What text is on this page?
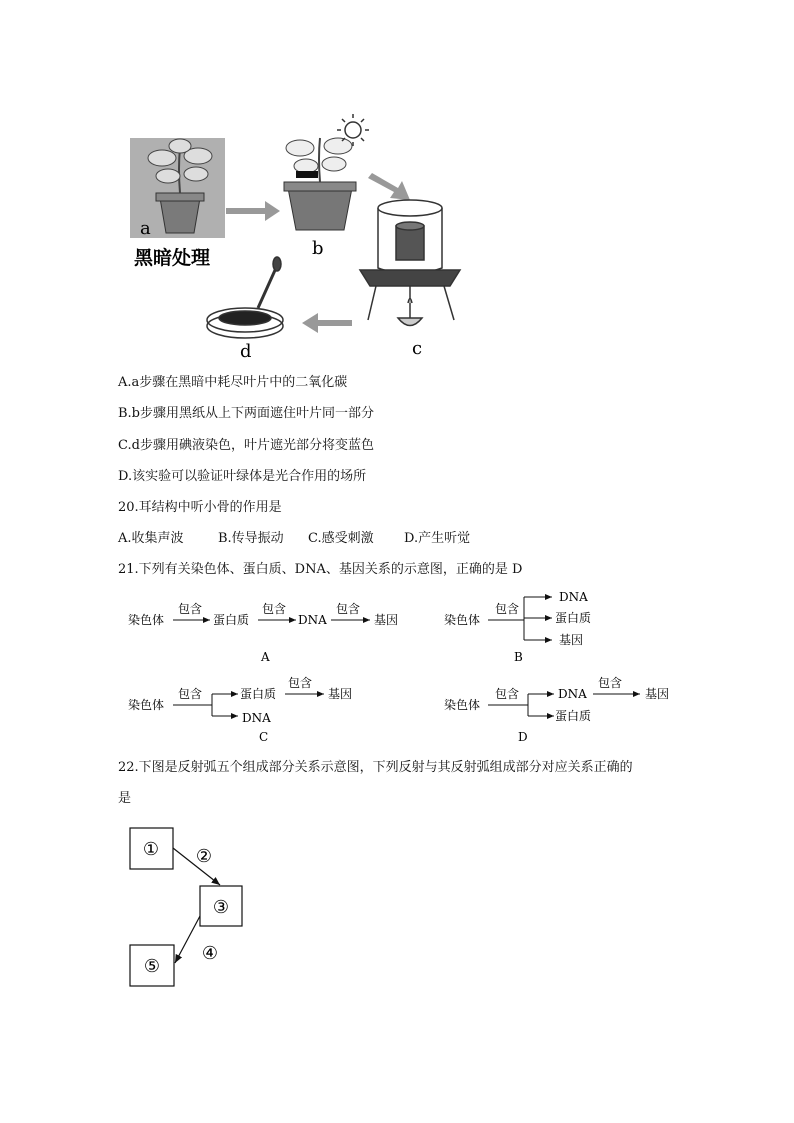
a
黑暗处理	b
c
d
A.a步骤在黑暗中耗尽叶片中的二氧化碳
B.b步骤用黑纸从上下两面遮住叶片同一部分
C.d步骤用碘液染色，叶片遮光部分将变蓝色
D.该实验可以验证叶绿体是光合作用的场所
20.耳结构中听小骨的作用是
A.收集声波	B.传导振动 C.感受刺激 D.产生听觉
21.下列有关染色体、蛋白质、DNA、基因关系的示意图，正确的是 D
染色体
包含
蛋白质
包含
DNA
包含
基因
A
染色体
包含
DNA
蛋白质
基因
B
染色体
包含	蛋白质
包含
基因
DNA
C
染色体
包含	DNA
包含
基因
蛋白质
D
22.下图是反射弧五个组成部分关系示意图，下列反射与其反射弧组成部分对应关系正确的
是
① ②
③
④
⑤
